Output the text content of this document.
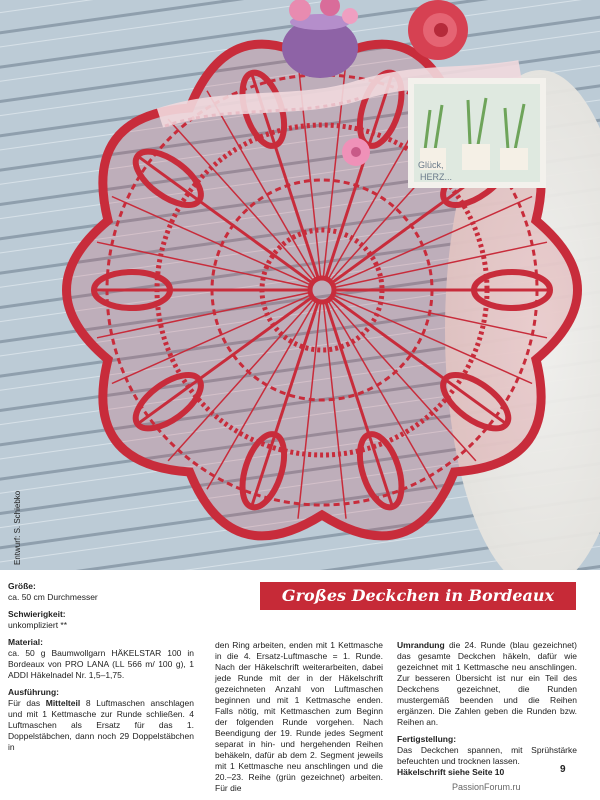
Glück,
HERZ...
Entwurf: S. Schiebko
Großes Deckchen in Bordeaux

Größe:
ca. 50 cm Durchmesser

Schwierigkeit:
unkompliziert **

Material:
ca. 50 g Baumwollgarn HÄKELSTAR 100 in Bordeaux von PRO LANA (LL 566 m/ 100 g), 1 ADDI Häkelnadel Nr. 1,5–1,75.

Ausführung:
Für das Mittelteil 8 Luftmaschen anschlagen und mit 1 Kettmasche zur Runde schließen. 4 Luftmaschen als Ersatz für das 1. Doppelstäbchen, dann noch 29 Doppelstäbchen in

den Ring arbeiten, enden mit 1 Kettmasche in die 4. Ersatz-Luftmasche = 1. Runde. Nach der Häkelschrift weiterarbeiten, dabei jede Runde mit der in der Häkelschrift gezeichneten Anzahl von Luftmaschen beginnen und mit 1 Kettmasche enden. Falls nötig, mit Kettmaschen zum Beginn der folgenden Runde vorgehen. Nach Beendigung der 19. Runde jedes Segment separat in hin- und hergehenden Reihen behäkeln, dafür ab dem 2. Segment jeweils mit 1 Kettmasche neu anschlingen und die 20.–23. Reihe (grün gezeichnet) arbeiten. Für die

Umrandung die 24. Runde (blau gezeichnet) das gesamte Deckchen häkeln, dafür wie gezeichnet mit 1 Kettmasche neu anschlingen. Zur besseren Übersicht ist nur ein Teil des Deckchens gezeichnet, die Runden mustergemäß beenden und die Reihen ergänzen. Die Zahlen geben die Runden bzw. Reihen an.

Fertigstellung:
Das Deckchen spannen, mit Sprühstärke befeuchten und trocknen lassen.
Häkelschrift siehe Seite 10	9
PassionForum.ru
